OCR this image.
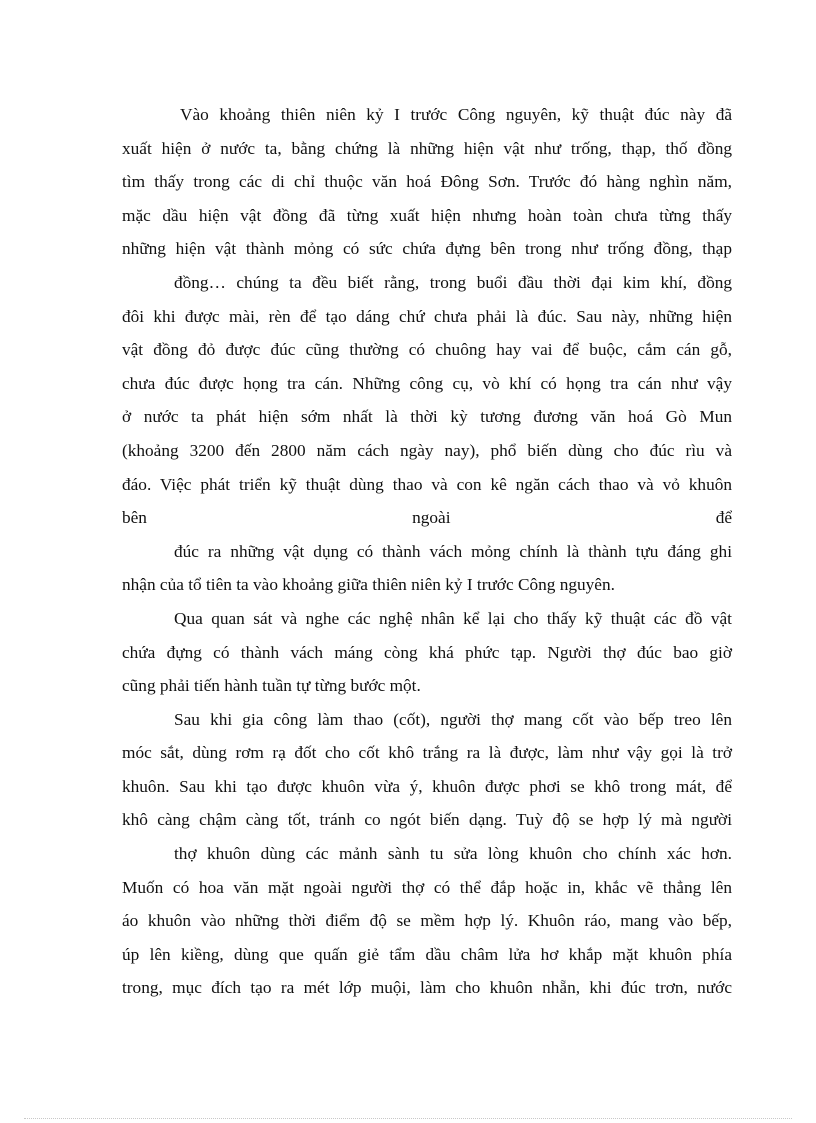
Vào khoảng thiên niên kỷ I trước Công nguyên, kỹ thuật đúc này đã
xuất hiện ở nước ta, bằng chứng là những hiện vật như trống, thạp, thố đồng
tìm thấy trong các di chỉ thuộc văn hoá Đông Sơn. Trước đó hàng nghìn năm,
mặc dầu hiện vật đồng đã từng xuất hiện nhưng hoàn toàn chưa từng thấy
những hiện vật thành mỏng có sức chứa đựng bên trong như trống đồng, thạp
đồng… chúng ta đều biết rằng, trong buổi đầu thời đại kim khí, đồng
đôi khi được mài, rèn để tạo dáng chứ chưa phải là đúc. Sau này, những hiện
vật đồng đỏ được đúc cũng thường có chuông hay vai để buộc, cắm cán gỗ,
chưa đúc được họng tra cán. Những công cụ, vò khí có họng tra cán như vậy
ở nước ta phát hiện sớm nhất là thời kỳ tương đương văn hoá Gò Mun
(khoảng 3200 đến 2800 năm cách ngày nay), phổ biến dùng cho đúc rìu và
đáo. Việc phát triển kỹ thuật dùng thao và con kê ngăn cách thao và vỏ khuôn
bên ngoài để
đúc ra những vật dụng có thành vách mỏng chính là thành tựu đáng ghi
nhận của tổ tiên ta vào khoảng giữa thiên niên kỷ I trước Công nguyên.
Qua quan sát và nghe các nghệ nhân kể lại cho thấy kỹ thuật các đồ vật
chứa đựng có thành vách máng còng khá phức tạp. Người thợ đúc bao giờ
cũng phải tiến hành tuần tự từng bước một.
Sau khi gia công làm thao (cốt), người thợ mang cốt vào bếp treo lên
móc sắt, dùng rơm rạ đốt cho cốt khô trắng ra là được, làm như vậy gọi là trở
khuôn. Sau khi tạo được khuôn vừa ý, khuôn được phơi se khô trong mát, để
khô càng chậm càng tốt, tránh co ngót biến dạng. Tuỳ độ se hợp lý mà người
thợ khuôn dùng các mảnh sành tu sửa lòng khuôn cho chính xác hơn.
Muốn có hoa văn mặt ngoài người thợ có thể đắp hoặc in, khắc vẽ thẳng lên
áo khuôn vào những thời điểm độ se mềm hợp lý. Khuôn ráo, mang vào bếp,
úp lên kiềng, dùng que quấn giẻ tẩm dầu châm lửa hơ khắp mặt khuôn phía
trong, mục đích tạo ra mét lớp muội, làm cho khuôn nhẵn, khi đúc trơn, nước
